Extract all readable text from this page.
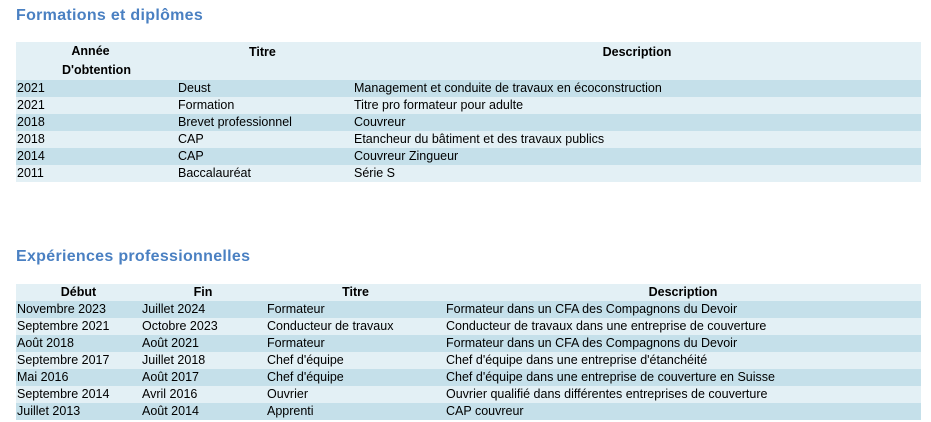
Formations et diplômes
Année
D'obtention	Titre	Description
2021	Deust	Management et conduite de travaux en écoconstruction
2021	Formation	Titre pro formateur pour adulte
2018	Brevet professionnel	Couvreur
2018	CAP	Etancheur du bâtiment et des travaux publics
2014	CAP	Couvreur Zingueur
2011	Baccalauréat	Série S
Expériences professionnelles
Début	Fin	Titre	Description
Novembre 2023	Juillet 2024	Formateur	Formateur dans un CFA des Compagnons du Devoir
Septembre 2021	Octobre 2023	Conducteur de travaux	Conducteur de travaux dans une entreprise de couverture
Août 2018	Août 2021	Formateur	Formateur dans un CFA des Compagnons du Devoir
Septembre 2017	Juillet 2018	Chef d'équipe	Chef d'équipe dans une entreprise d'étanchéité
Mai 2016	Août 2017	Chef d'équipe	Chef d'équipe dans une entreprise de couverture en Suisse
Septembre 2014	Avril 2016	Ouvrier	Ouvrier qualifié dans différentes entreprises de couverture
Juillet 2013	Août 2014	Apprenti	CAP couvreur
